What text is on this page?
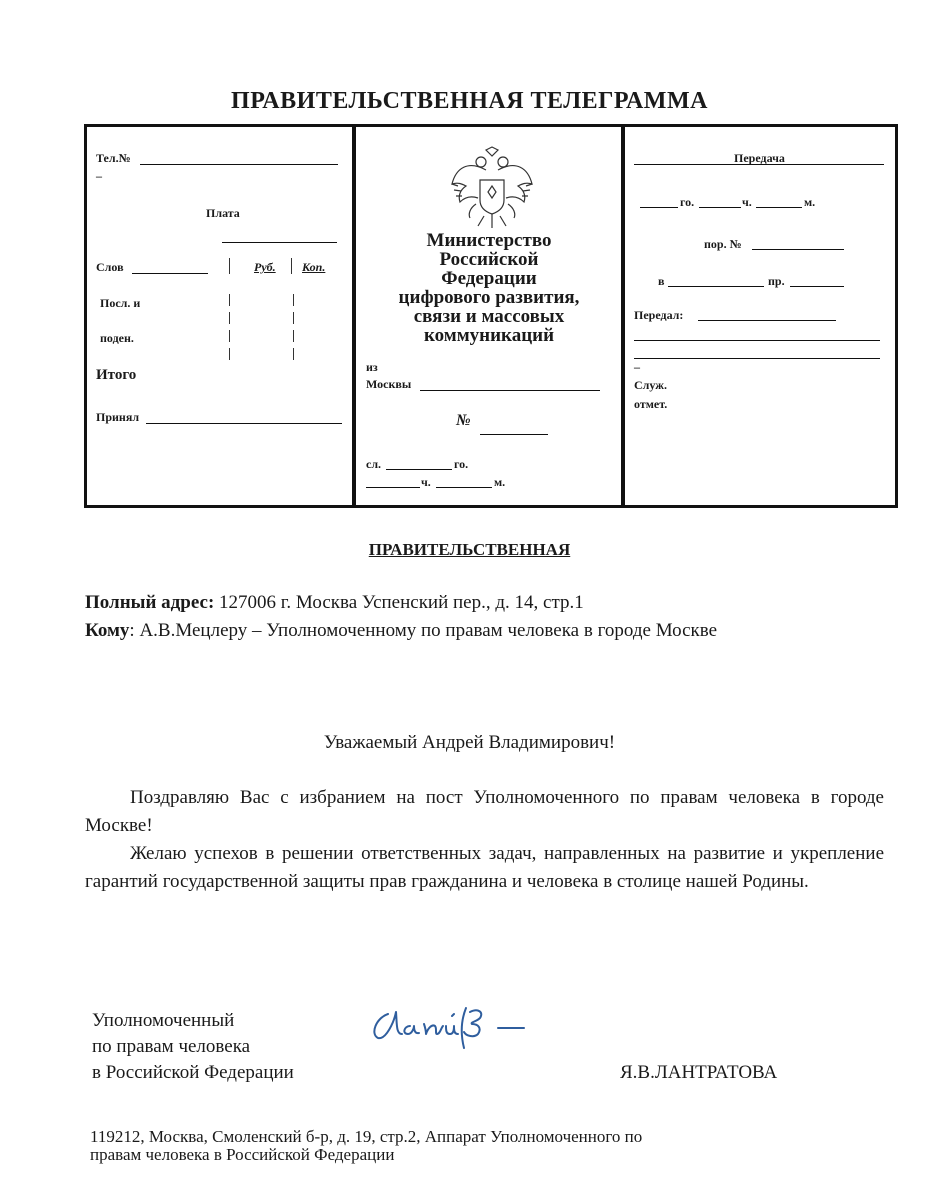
ПРАВИТЕЛЬСТВЕННАЯ ТЕЛЕГРАММА
Тел.№
–
Плата
Слов	Руб. Коп.
Посл. и
поден.
Итого
Принял
Министерство
Российской
Федерации
цифрового развития,
связи и массовых
коммуникаций
из
Москвы
№
сл.	го.
ч.	м.
Передача
го.	ч.	м.
пор. №
в	пр.
Передал:
–
Служ.
отмет.
ПРАВИТЕЛЬСТВЕННАЯ
Полный адрес: 127006 г. Москва Успенский пер., д. 14, стр.1
Кому: А.В.Мецлеру – Уполномоченному по правам человека в городе Москве
Уважаемый Андрей Владимирович!
Поздравляю Вас с избранием на пост Уполномоченного по правам человека в городе Москве!
Желаю успехов в решении ответственных задач, направленных на развитие и укрепление гарантий государственной защиты прав гражданина и человека в столице нашей Родины.
Уполномоченный
по правам человека
в Российской Федерации	Я.В.ЛАНТРАТОВА
119212, Москва, Смоленский б-р, д. 19, стр.2, Аппарат Уполномоченного по
правам человека в Российской Федерации
